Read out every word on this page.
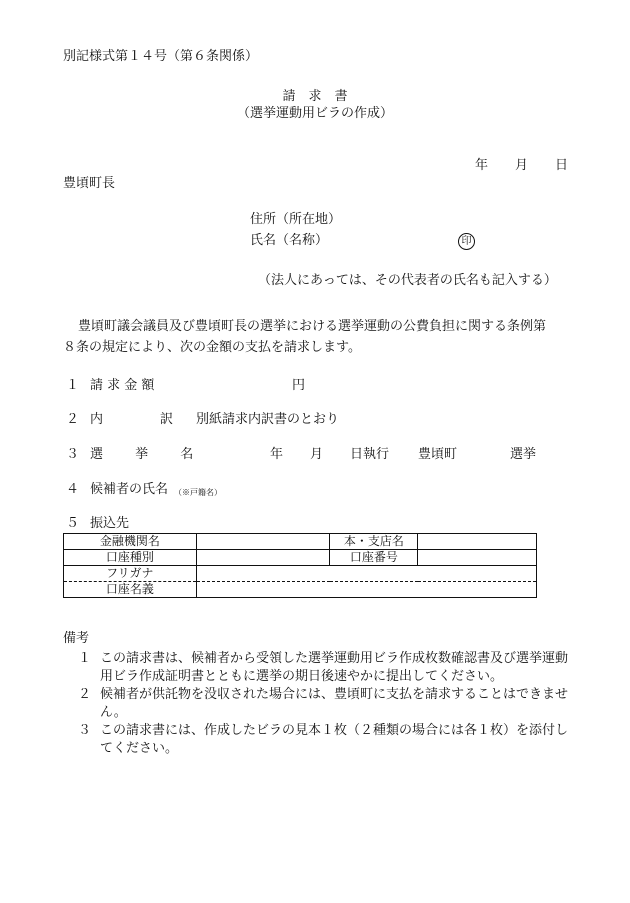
別記様式第１４号（第６条関係）
請　求　書
（選挙運動用ビラの作成）
年 月 日
豊頃町長
住所（所在地）
氏名（名称）	印
（法人にあっては、その代表者の氏名も記入する）
豊頃町議会議員及び豊頃町長の選挙における選挙運動の公費負担に関する条例第
８条の規定により、次の金額の支払を請求します。
１ 請 求 金 額	円
２ 内	訳 別紙請求内訳書のとおり
３ 選 挙 名	年 月 日執行 豊頃町	選挙
４ 候補者の氏名 （※戸籍名）
５ 振込先
金融機関名		本・支店名	
口座種別		口座番号	
フリガナ			
口座名義			
備考
１ この請求書は、候補者から受領した選挙運動用ビラ作成枚数確認書及び選挙運動用ビラ作成証明書とともに選挙の期日後速やかに提出してください。
２ 候補者が供託物を没収された場合には、豊頃町に支払を請求することはできません。
３ この請求書には、作成したビラの見本１枚（２種類の場合には各１枚）を添付してください。
